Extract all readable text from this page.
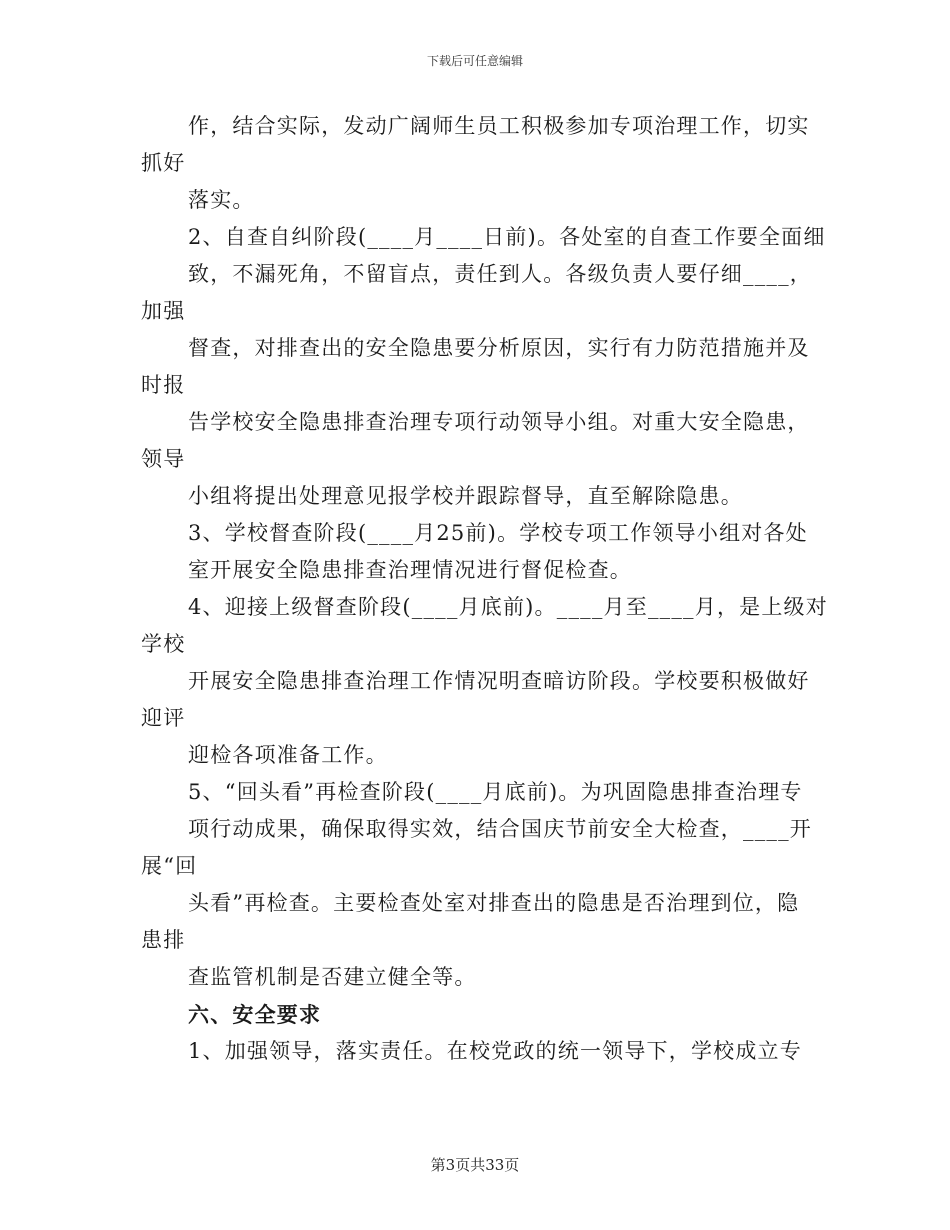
下载后可任意编辑
作，结合实际，发动广阔师生员工积极参加专项治理工作，切实
抓好
落实。
2、自查自纠阶段(____月____日前)。各处室的自查工作要全面细
致，不漏死角，不留盲点，责任到人。各级负责人要仔细____，
加强
督查，对排查出的安全隐患要分析原因，实行有力防范措施并及
时报
告学校安全隐患排查治理专项行动领导小组。对重大安全隐患，
领导
小组将提出处理意见报学校并跟踪督导，直至解除隐患。
3、学校督查阶段(____月25前)。学校专项工作领导小组对各处
室开展安全隐患排查治理情况进行督促检查。
4、迎接上级督查阶段(____月底前)。____月至____月，是上级对
学校
开展安全隐患排查治理工作情况明查暗访阶段。学校要积极做好
迎评
迎检各项准备工作。
5、“回头看”再检查阶段(____月底前)。为巩固隐患排查治理专
项行动成果，确保取得实效，结合国庆节前安全大检查，____开
展“回
头看”再检查。主要检查处室对排查出的隐患是否治理到位，隐
患排
查监管机制是否建立健全等。
六、安全要求
1、加强领导，落实责任。在校党政的统一领导下，学校成立专
第3页共33页
